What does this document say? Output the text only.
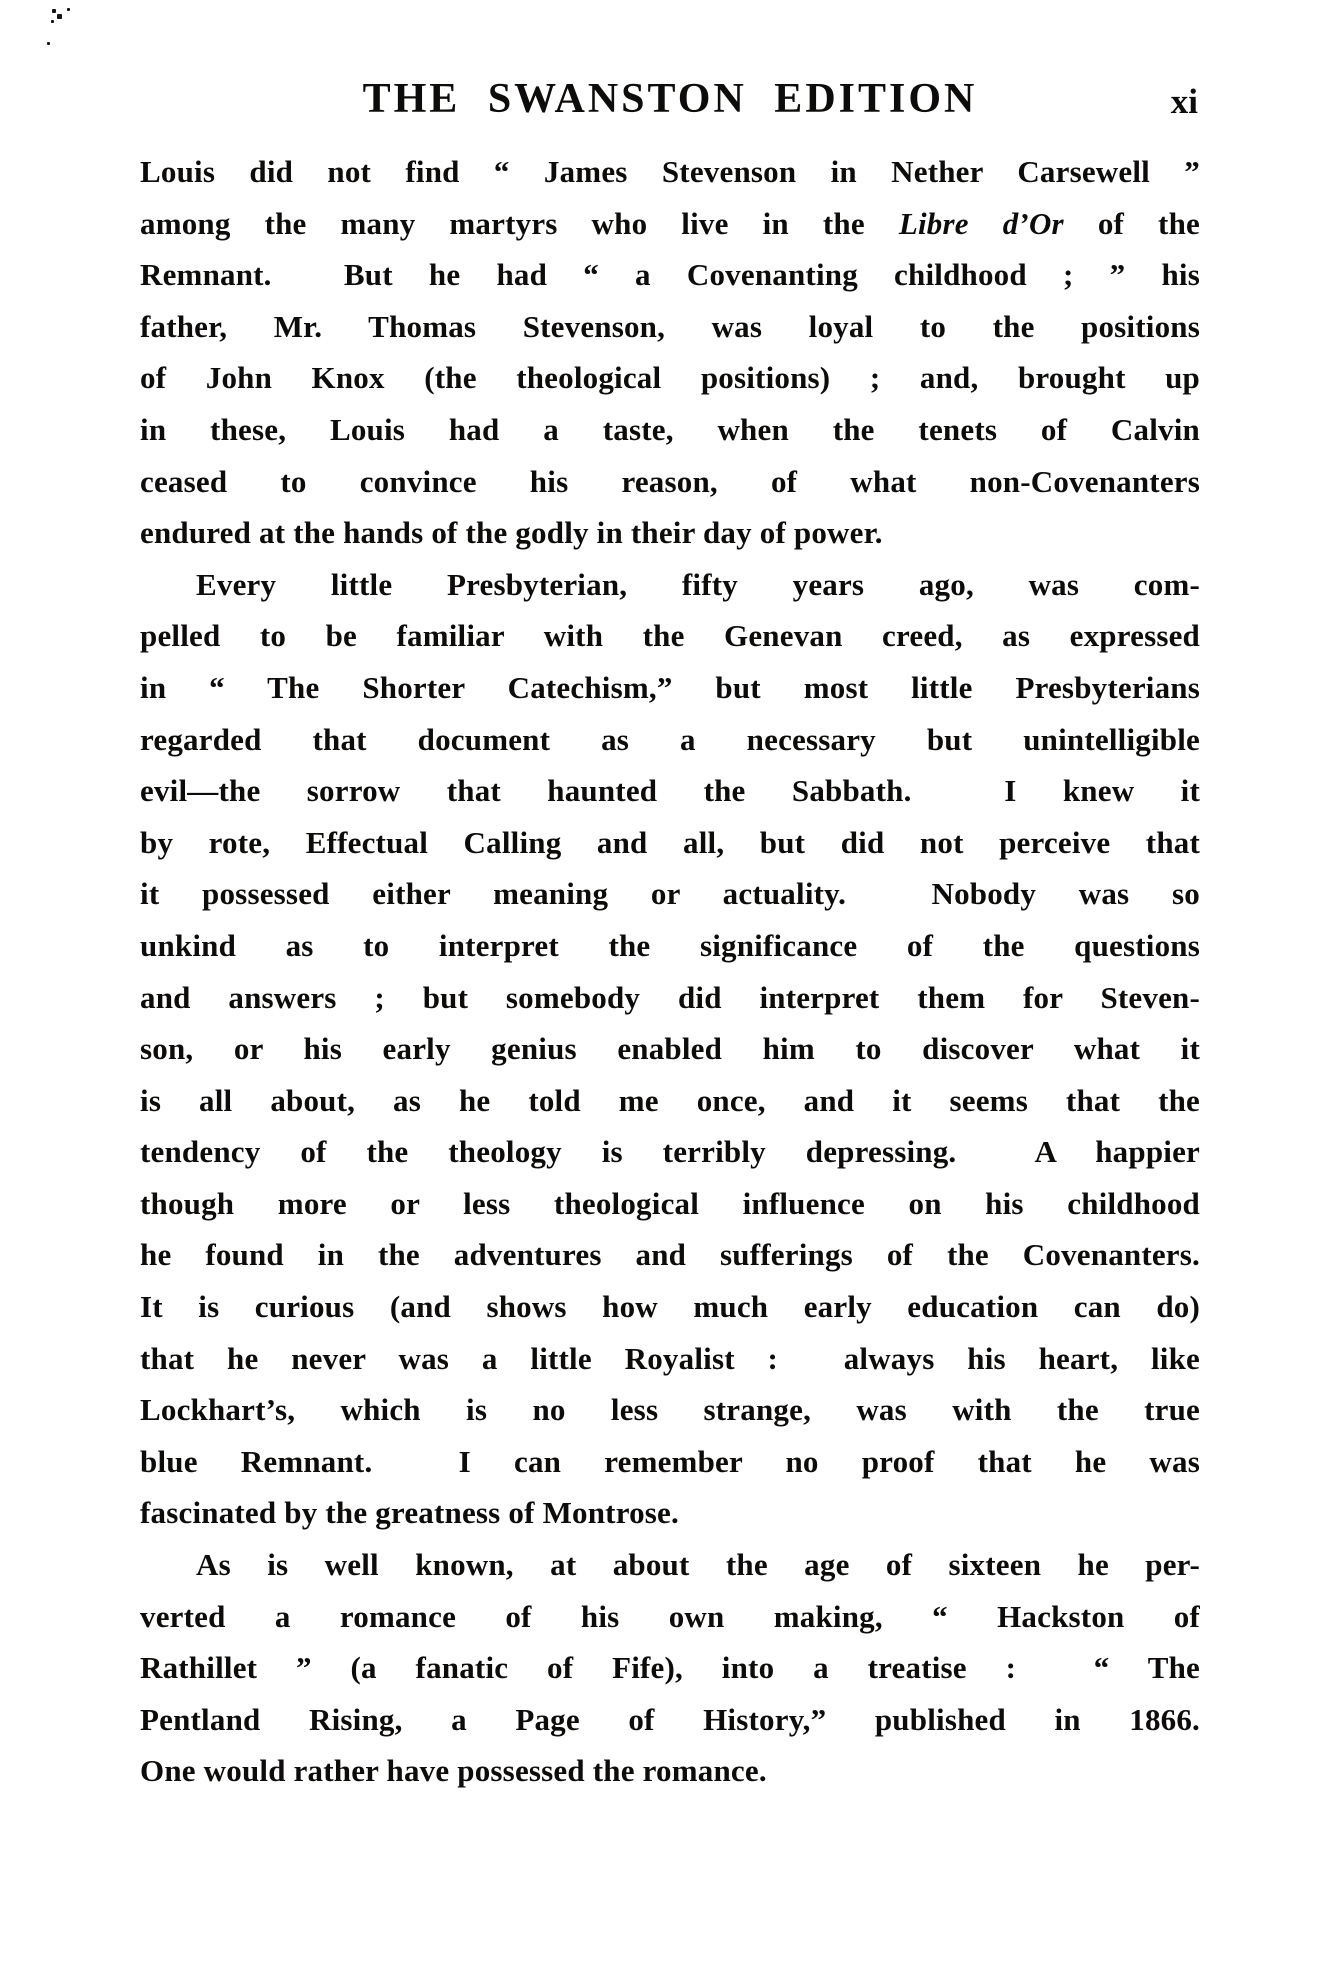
THE SWANSTON EDITION	xi
Louis did not find “ James Stevenson in Nether Carsewell ”
among the many martyrs who live in the Libre d’Or of the
Remnant.  But he had “ a Covenanting childhood ; ” his
father, Mr. Thomas Stevenson, was loyal to the positions
of John Knox (the theological positions) ; and, brought up
in these, Louis had a taste, when the tenets of Calvin
ceased to convince his reason, of what non-Covenanters
endured at the hands of the godly in their day of power.
Every little Presbyterian, fifty years ago, was com-
pelled to be familiar with the Genevan creed, as expressed
in “ The Shorter Catechism,” but most little Presbyterians
regarded that document as a necessary but unintelligible
evil—the sorrow that haunted the Sabbath.  I knew it
by rote, Effectual Calling and all, but did not perceive that
it possessed either meaning or actuality.  Nobody was so
unkind as to interpret the significance of the questions
and answers ; but somebody did interpret them for Steven-
son, or his early genius enabled him to discover what it
is all about, as he told me once, and it seems that the
tendency of the theology is terribly depressing.  A happier
though more or less theological influence on his childhood
he found in the adventures and sufferings of the Covenanters.
It is curious (and shows how much early education can do)
that he never was a little Royalist :  always his heart, like
Lockhart’s, which is no less strange, was with the true
blue Remnant.  I can remember no proof that he was
fascinated by the greatness of Montrose.
As is well known, at about the age of sixteen he per-
verted a romance of his own making, “ Hackston of
Rathillet ” (a fanatic of Fife), into a treatise :  “ The
Pentland Rising, a Page of History,” published in 1866.
One would rather have possessed the romance.
